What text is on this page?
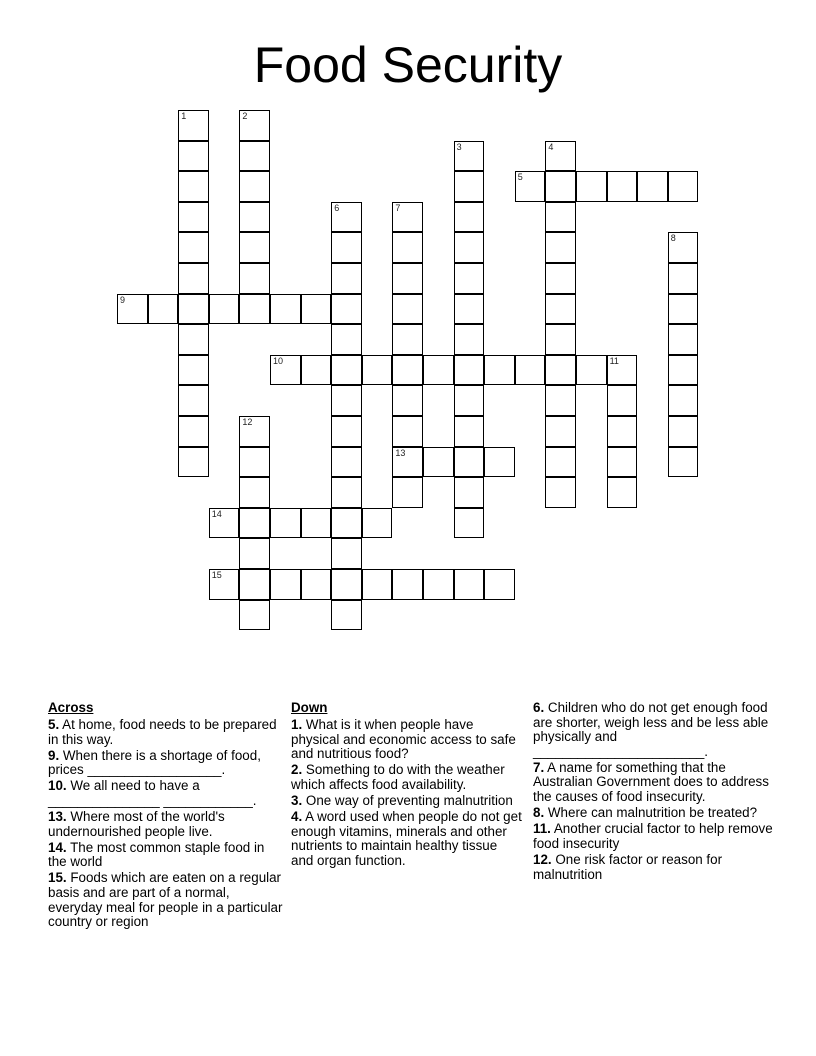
Food Security
1	2
3	4
5
6	7
13
8
9
10	11
12
14
15
Across
5. At home, food needs to be prepared in this way.
9. When there is a shortage of food, prices __________________.
10. We all need to have a _______________ ____________.
13. Where most of the world's undernourished people live.
14. The most common staple food in the world
15. Foods which are eaten on a regular basis and are part of a normal, everyday meal for people in a particular country or region
Down
1. What is it when people have physical and economic access to safe and nutritious food?
2. Something to do with the weather which affects food availability.
3. One way of preventing malnutrition
4. A word used when people do not get enough vitamins, minerals and other nutrients to maintain healthy tissue and organ function.
6. Children who do not get enough food are shorter, weigh less and be less able physically and _______________________.
7. A name for something that the Australian Government does to address the causes of food insecurity.
8. Where can malnutrition be treated?
11. Another crucial factor to help remove food insecurity
12. One risk factor or reason for malnutrition
